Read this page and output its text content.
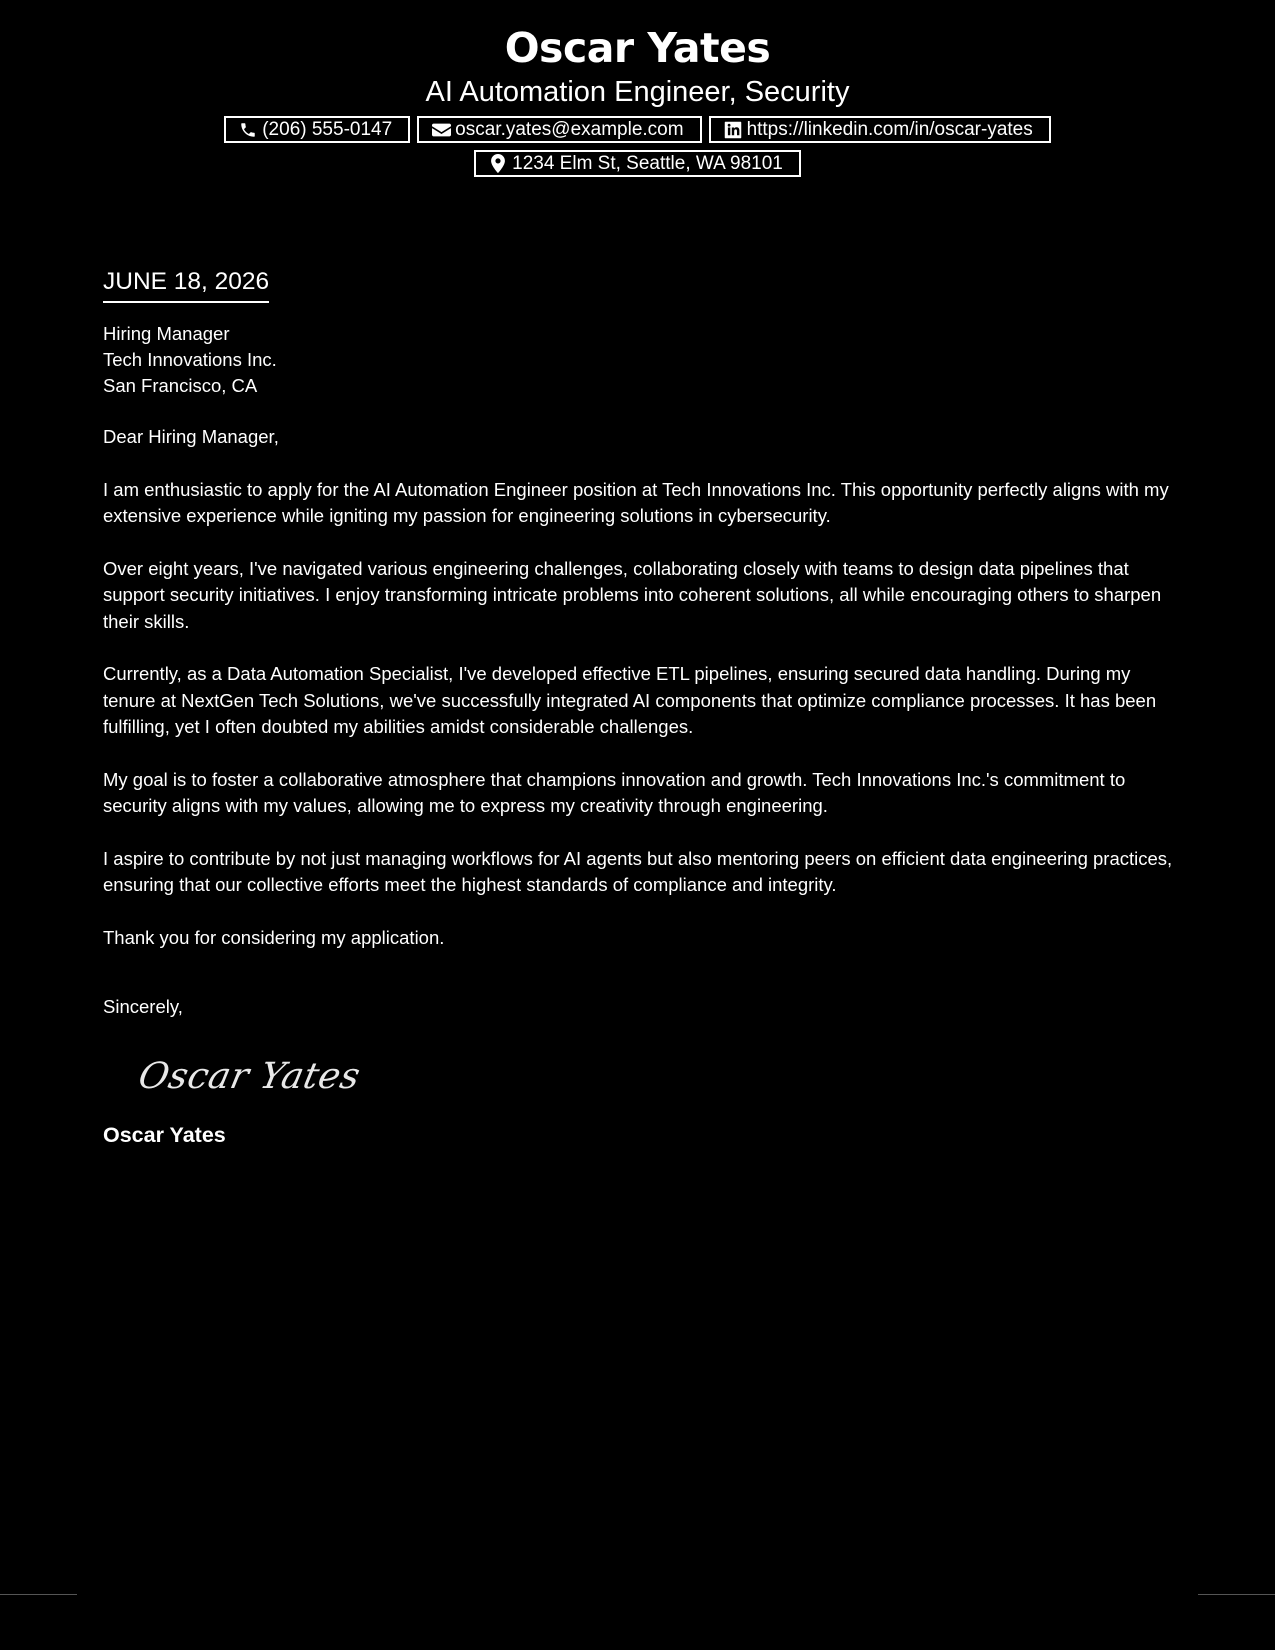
Oscar Yates
AI Automation Engineer, Security
(206) 555-0147	oscar.yates@example.com	https://linkedin.com/in/oscar-yates
1234 Elm St, Seattle, WA 98101
JUNE 18, 2026
Hiring Manager
Tech Innovations Inc.
San Francisco, CA
Dear Hiring Manager,
I am enthusiastic to apply for the AI Automation Engineer position at Tech Innovations Inc. This opportunity perfectly aligns with my extensive experience while igniting my passion for engineering solutions in cybersecurity.
Over eight years, I've navigated various engineering challenges, collaborating closely with teams to design data pipelines that support security initiatives. I enjoy transforming intricate problems into coherent solutions, all while encouraging others to sharpen their skills.
Currently, as a Data Automation Specialist, I've developed effective ETL pipelines, ensuring secured data handling. During my tenure at NextGen Tech Solutions, we've successfully integrated AI components that optimize compliance processes. It has been fulfilling, yet I often doubted my abilities amidst considerable challenges.
My goal is to foster a collaborative atmosphere that champions innovation and growth. Tech Innovations Inc.'s commitment to security aligns with my values, allowing me to express my creativity through engineering.
I aspire to contribute by not just managing workflows for AI agents but also mentoring peers on efficient data engineering practices, ensuring that our collective efforts meet the highest standards of compliance and integrity.
Thank you for considering my application.
Sincerely,
Oscar Yates
Oscar Yates
